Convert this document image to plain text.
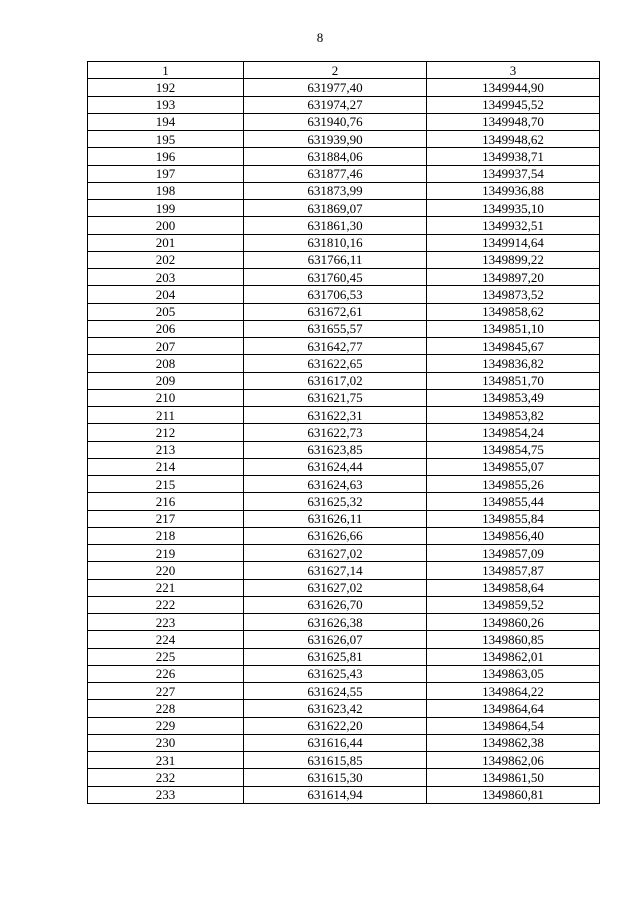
8
1	2	3
192	631977,40	1349944,90
193	631974,27	1349945,52
194	631940,76	1349948,70
195	631939,90	1349948,62
196	631884,06	1349938,71
197	631877,46	1349937,54
198	631873,99	1349936,88
199	631869,07	1349935,10
200	631861,30	1349932,51
201	631810,16	1349914,64
202	631766,11	1349899,22
203	631760,45	1349897,20
204	631706,53	1349873,52
205	631672,61	1349858,62
206	631655,57	1349851,10
207	631642,77	1349845,67
208	631622,65	1349836,82
209	631617,02	1349851,70
210	631621,75	1349853,49
211	631622,31	1349853,82
212	631622,73	1349854,24
213	631623,85	1349854,75
214	631624,44	1349855,07
215	631624,63	1349855,26
216	631625,32	1349855,44
217	631626,11	1349855,84
218	631626,66	1349856,40
219	631627,02	1349857,09
220	631627,14	1349857,87
221	631627,02	1349858,64
222	631626,70	1349859,52
223	631626,38	1349860,26
224	631626,07	1349860,85
225	631625,81	1349862,01
226	631625,43	1349863,05
227	631624,55	1349864,22
228	631623,42	1349864,64
229	631622,20	1349864,54
230	631616,44	1349862,38
231	631615,85	1349862,06
232	631615,30	1349861,50
233	631614,94	1349860,81
